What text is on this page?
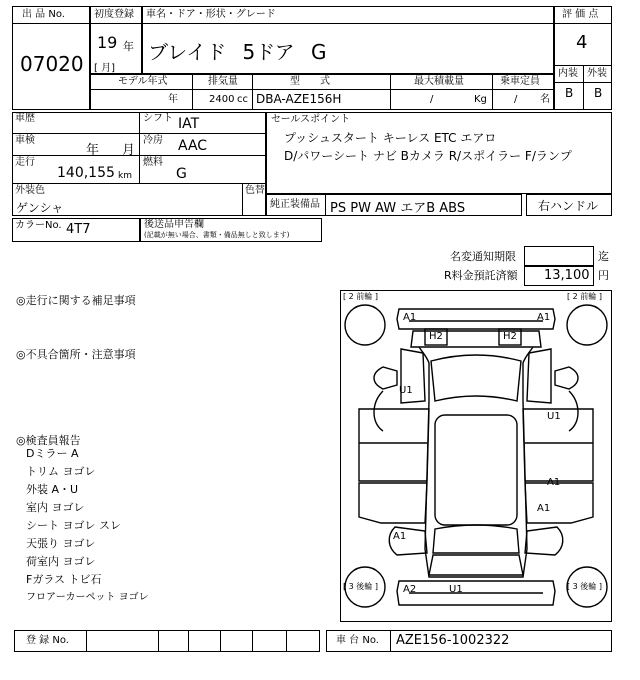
出 品 No.
07020
初度登録
19 年
[ 月]
車名・ドア・形状・グレード
ブレイド 5ドア G
評 価 点
4
内装 外装
B B
モデル年式
年
排気量
2400 cc
型　　式
DBA-AZE156H
最大積載量
/	Kg
乗車定員
/ 名
車歴
車検
年 月
走行
140,155 km
シフト IAT
冷房 AAC
燃料
G
外装色
ゲンシャ
色替
カラーNo. 4T7	後送品申告欄
(記載が無い場合、書類・備品無しと致します)
セールスポイント
プッシュスタート キーレス ETC エアロ
D/パワーシート ナビ Bカメラ R/スポイラー F/ランプ
純正装備品 PS PW AW エアB ABS	右ハンドル
名変通知期限	迄
R料金預託済額 13,100 円
◎走行に関する補足事項
◎不具合箇所・注意事項
◎検査員報告
Dミラー A
トリム ヨゴレ
外装 A・U
室内 ヨゴレ
シート ヨゴレ スレ
天張り ヨゴレ
荷室内 ヨゴレ
Fガラス トビ石
フロアーカーペット ヨゴレ
[ 2 前輪 ]	[ 2 前輪 ]
[ 3 後輪 ]	[ 3 後輪 ]
A1	A1
H2	H2
U1
U1
A1
A1
A1
A2	U1
登 録 No.	車 台 No. AZE156-1002322
